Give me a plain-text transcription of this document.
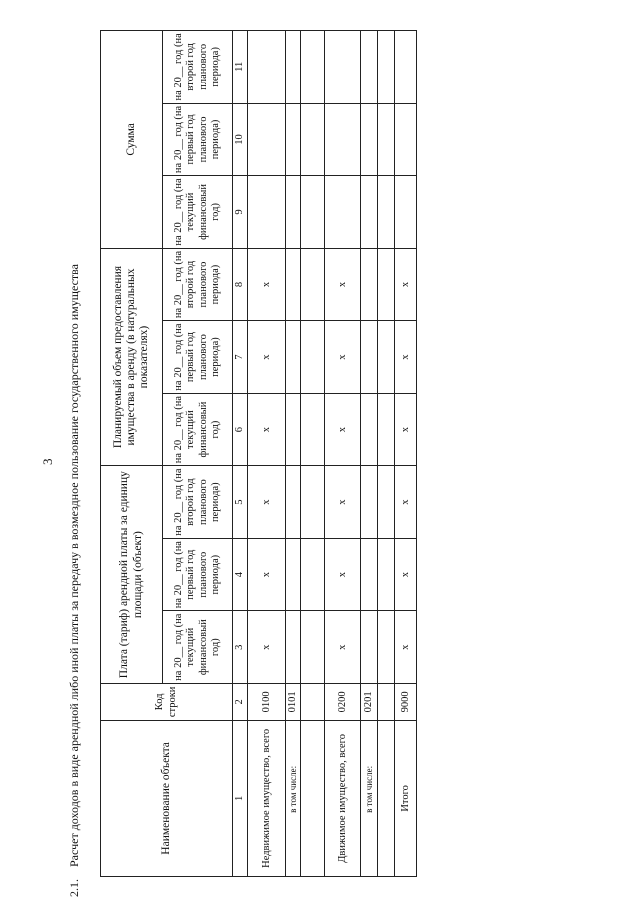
3
2.1.
Расчет доходов в виде арендной либо иной платы за передачу в возмездное пользование государственного имущества	Наименование объекта	Код строки	Плата (тариф) арендной платы за единицу площади (объект)			Планируемый объем предоставления имущества в аренду (в натуральных показателях)			Сумма		
		на 20__ год (на текущий финансовый год)	на 20__ год (на первый год планового периода)	на 20__ год (на второй год планового периода)	на 20__ год (на текущий финансовый год)	на 20__ год (на первый год планового периода)	на 20__ год (на второй год планового периода)	на 20__ год (на текущий финансовый год)	на 20__ год (на первый год планового периода)	на 20__ год (на второй год планового периода)
1	2	3	4	5	6	7	8	9	10	11
Недвижимое имущество, всего	0100	x	x	x	x	x	x			
в том числе:	0101									

Движимое имущество, всего	0200	x	x	x	x	x	x			
в том числе:	0201									

Итого	9000	x	x	x	x	x	x			
